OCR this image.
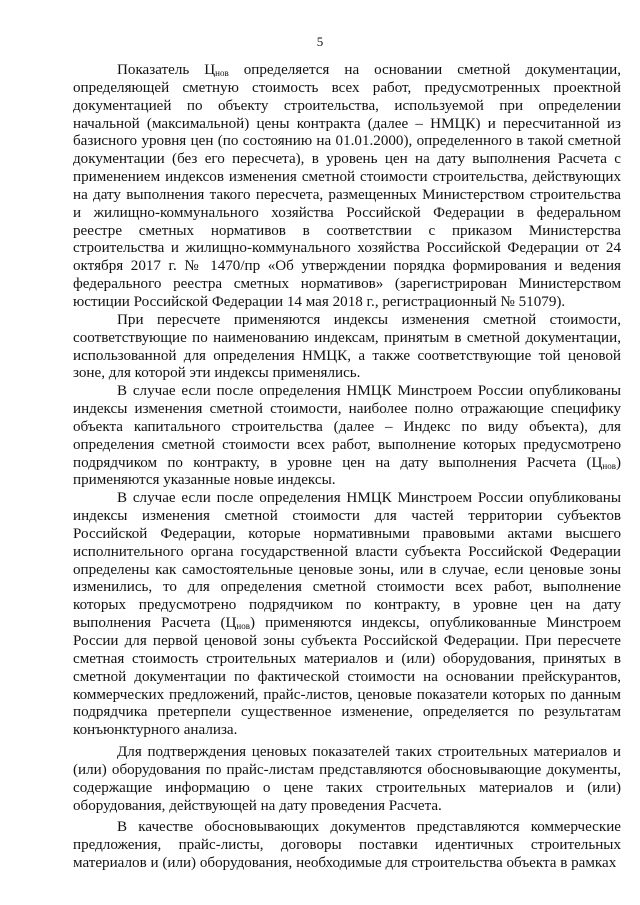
5

Показатель $Ц_{нов}$ определяется на основании сметной документации, определяющей сметную стоимость всех работ, предусмотренных проектной документацией по объекту строительства, используемой при определении начальной (максимальной) цены контракта (далее – НМЦК) и пересчитанной из базисного уровня цен (по состоянию на 01.01.2000), определенного в такой сметной документации (без его пересчета), в уровень цен на дату выполнения Расчета с применением индексов изменения сметной стоимости строительства, действующих на дату выполнения такого пересчета, размещенных Министерством строительства и жилищно-коммунального хозяйства Российской Федерации в федеральном реестре сметных нормативов в соответствии с приказом Министерства строительства и жилищно-коммунального хозяйства Российской Федерации от 24 октября 2017 г. № 1470/пр «Об утверждении порядка формирования и ведения федерального реестра сметных нормативов» (зарегистрирован Министерством юстиции Российской Федерации 14 мая 2018 г., регистрационный № 51079).

При пересчете применяются индексы изменения сметной стоимости, соответствующие по наименованию индексам, принятым в сметной документации, использованной для определения НМЦК, а также соответствующие той ценовой зоне, для которой эти индексы применялись.

В случае если после определения НМЦК Минстроем России опубликованы индексы изменения сметной стоимости, наиболее полно отражающие специфику объекта капитального строительства (далее – Индекс по виду объекта), для определения сметной стоимости всех работ, выполнение которых предусмотрено подрядчиком по контракту, в уровне цен на дату выполнения Расчета $(Ц_{нов})$ применяются указанные новые индексы.

В случае если после определения НМЦК Минстроем России опубликованы индексы изменения сметной стоимости для частей территории субъектов Российской Федерации, которые нормативными правовыми актами высшего исполнительного органа государственной власти субъекта Российской Федерации определены как самостоятельные ценовые зоны, или в случае, если ценовые зоны изменились, то для определения сметной стоимости всех работ, выполнение которых предусмотрено подрядчиком по контракту, в уровне цен на дату выполнения Расчета $(Ц_{нов})$ применяются индексы, опубликованные Минстроем России для первой ценовой зоны субъекта Российской Федерации. При пересчете сметная стоимость строительных материалов и (или) оборудования, принятых в сметной документации по фактической стоимости на основании прейскурантов, коммерческих предложений, прайс-листов, ценовые показатели которых по данным подрядчика претерпели существенное изменение, определяется по результатам конъюнктурного анализа.

Для подтверждения ценовых показателей таких строительных материалов и (или) оборудования по прайс-листам представляются обосновывающие документы, содержащие информацию о цене таких строительных материалов и (или) оборудования, действующей на дату проведения Расчета.

В качестве обосновывающих документов представляются коммерческие предложения, прайс-листы, договоры поставки идентичных строительных материалов и (или) оборудования, необходимые для строительства объекта в рамках
